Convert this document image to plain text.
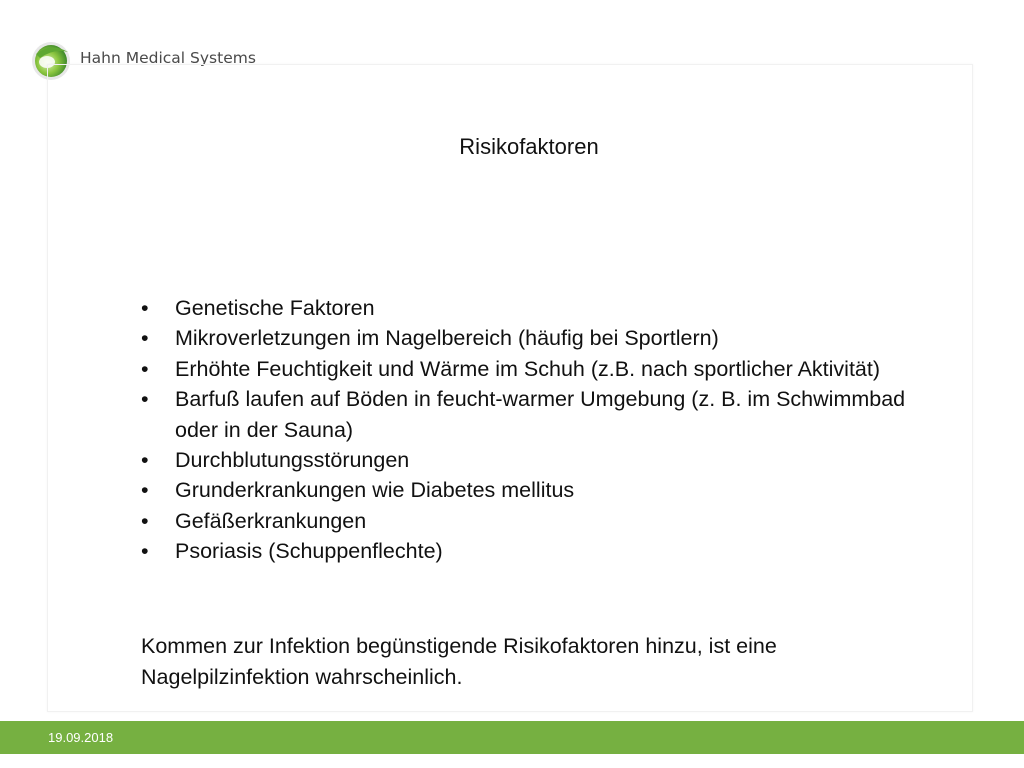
Hahn Medical Systems
Risikofaktoren
• Genetische Faktoren
• Mikroverletzungen im Nagelbereich (häufig bei Sportlern)
• Erhöhte Feuchtigkeit und Wärme im Schuh (z.B. nach sportlicher Aktivität)
• Barfuß laufen auf Böden in feucht-warmer Umgebung (z. B. im Schwimmbad oder in der Sauna)
• Durchblutungsstörungen
• Grunderkrankungen wie Diabetes mellitus
• Gefäßerkrankungen
• Psoriasis (Schuppenflechte)

Kommen zur Infektion begünstigende Risikofaktoren hinzu, ist eine Nagelpilzinfektion wahrscheinlich.

19.09.2018
